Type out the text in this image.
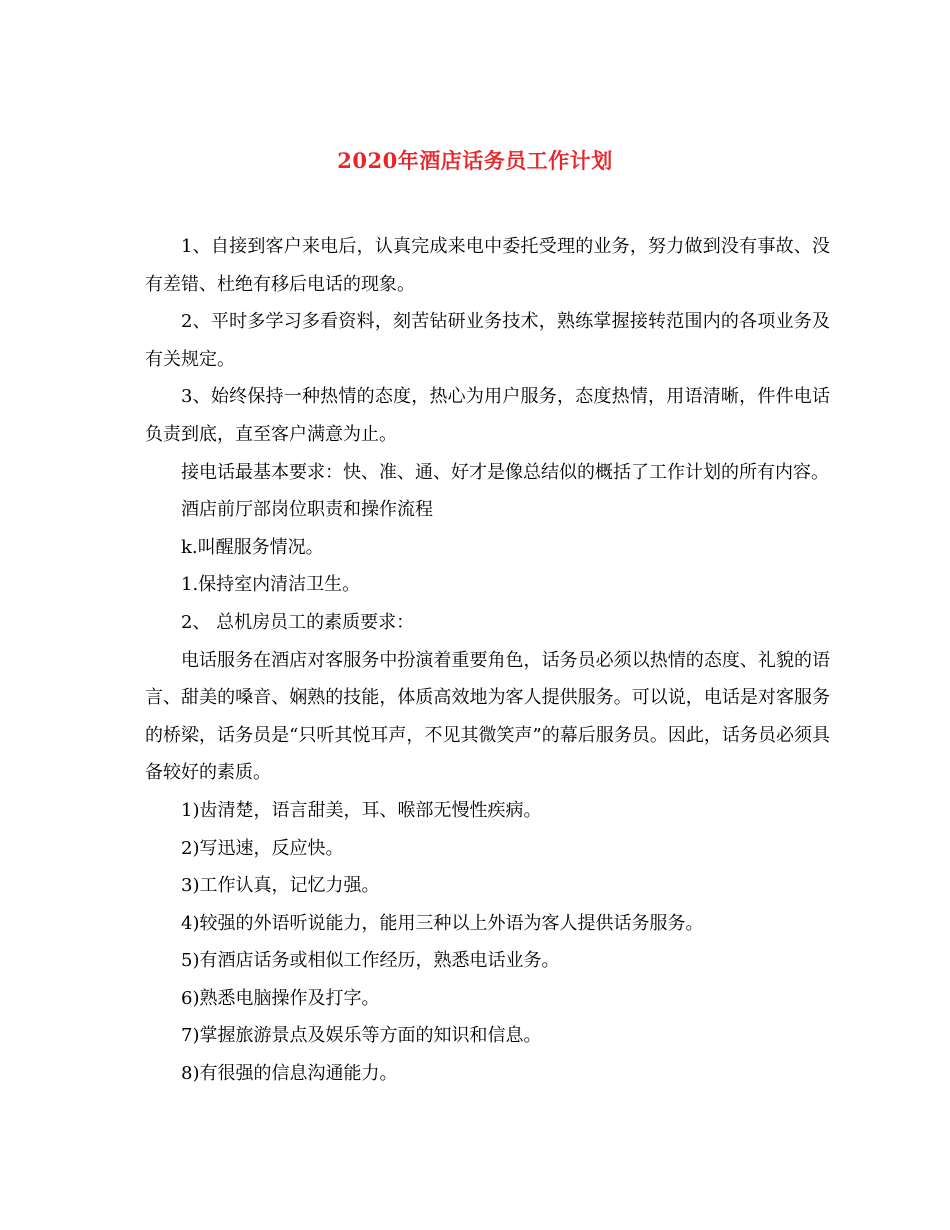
2020年酒店话务员工作计划

1、自接到客户来电后，认真完成来电中委托受理的业务，努力做到没有事故、没有差错、杜绝有移后电话的现象。

2、平时多学习多看资料，刻苦钻研业务技术，熟练掌握接转范围内的各项业务及有关规定。

3、始终保持一种热情的态度，热心为用户服务，态度热情，用语清晰，件件电话负责到底，直至客户满意为止。

接电话最基本要求：快、准、通、好才是像总结似的概括了工作计划的所有内容。

酒店前厅部岗位职责和操作流程

k.叫醒服务情况。

1.保持室内清洁卫生。

2、 总机房员工的素质要求：

电话服务在酒店对客服务中扮演着重要角色，话务员必须以热情的态度、礼貌的语言、甜美的嗓音、娴熟的技能，体质高效地为客人提供服务。可以说，电话是对客服务的桥梁，话务员是“只听其悦耳声，不见其微笑声”的幕后服务员。因此，话务员必须具备较好的素质。

1)齿清楚，语言甜美，耳、喉部无慢性疾病。

2)写迅速，反应快。

3)工作认真，记忆力强。

4)较强的外语听说能力，能用三种以上外语为客人提供话务服务。

5)有酒店话务或相似工作经历，熟悉电话业务。

6)熟悉电脑操作及打字。

7)掌握旅游景点及娱乐等方面的知识和信息。

8)有很强的信息沟通能力。
